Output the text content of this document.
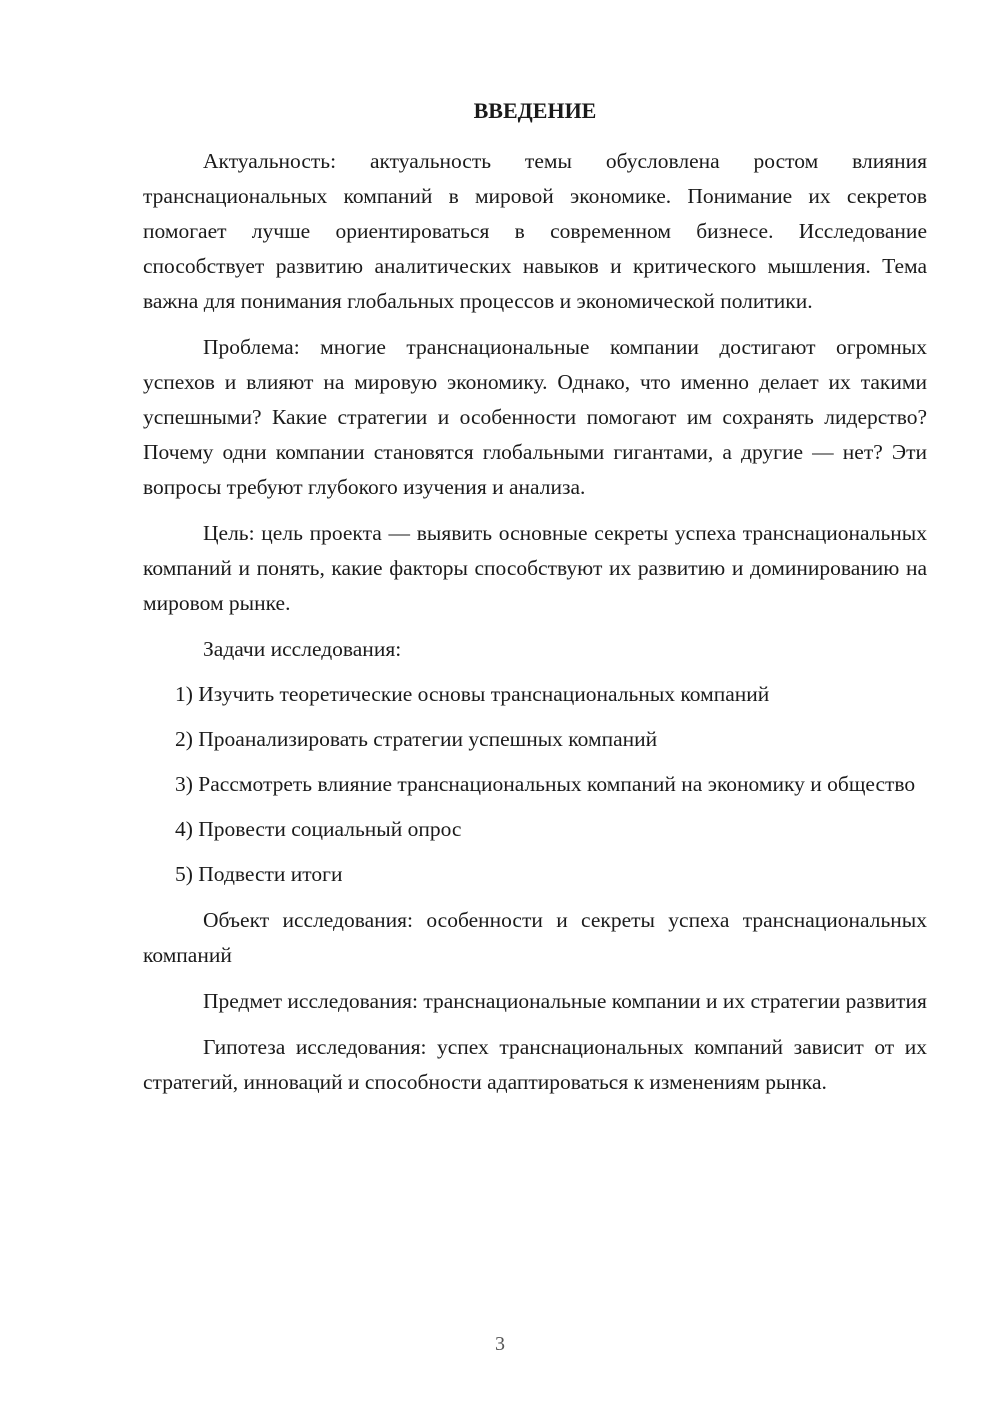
ВВЕДЕНИЕ

Актуальность: актуальность темы обусловлена ростом влияния транснациональных компаний в мировой экономике. Понимание их секретов помогает лучше ориентироваться в современном бизнесе. Исследование способствует развитию аналитических навыков и критического мышления. Тема важна для понимания глобальных процессов и экономической политики.

Проблема: многие транснациональные компании достигают огромных успехов и влияют на мировую экономику. Однако, что именно делает их такими успешными? Какие стратегии и особенности помогают им сохранять лидерство? Почему одни компании становятся глобальными гигантами, а другие — нет? Эти вопросы требуют глубокого изучения и анализа.

Цель: цель проекта — выявить основные секреты успеха транснациональных компаний и понять, какие факторы способствуют их развитию и доминированию на мировом рынке.

Задачи исследования:

1) Изучить теоретические основы транснациональных компаний

2) Проанализировать стратегии успешных компаний

3) Рассмотреть влияние транснациональных компаний на экономику и общество

4) Провести социальный опрос

5) Подвести итоги

Объект исследования: особенности и секреты успеха транснациональных компаний

Предмет исследования: транснациональные компании и их стратегии развития

Гипотеза исследования: успех транснациональных компаний зависит от их стратегий, инноваций и способности адаптироваться к изменениям рынка.

3
